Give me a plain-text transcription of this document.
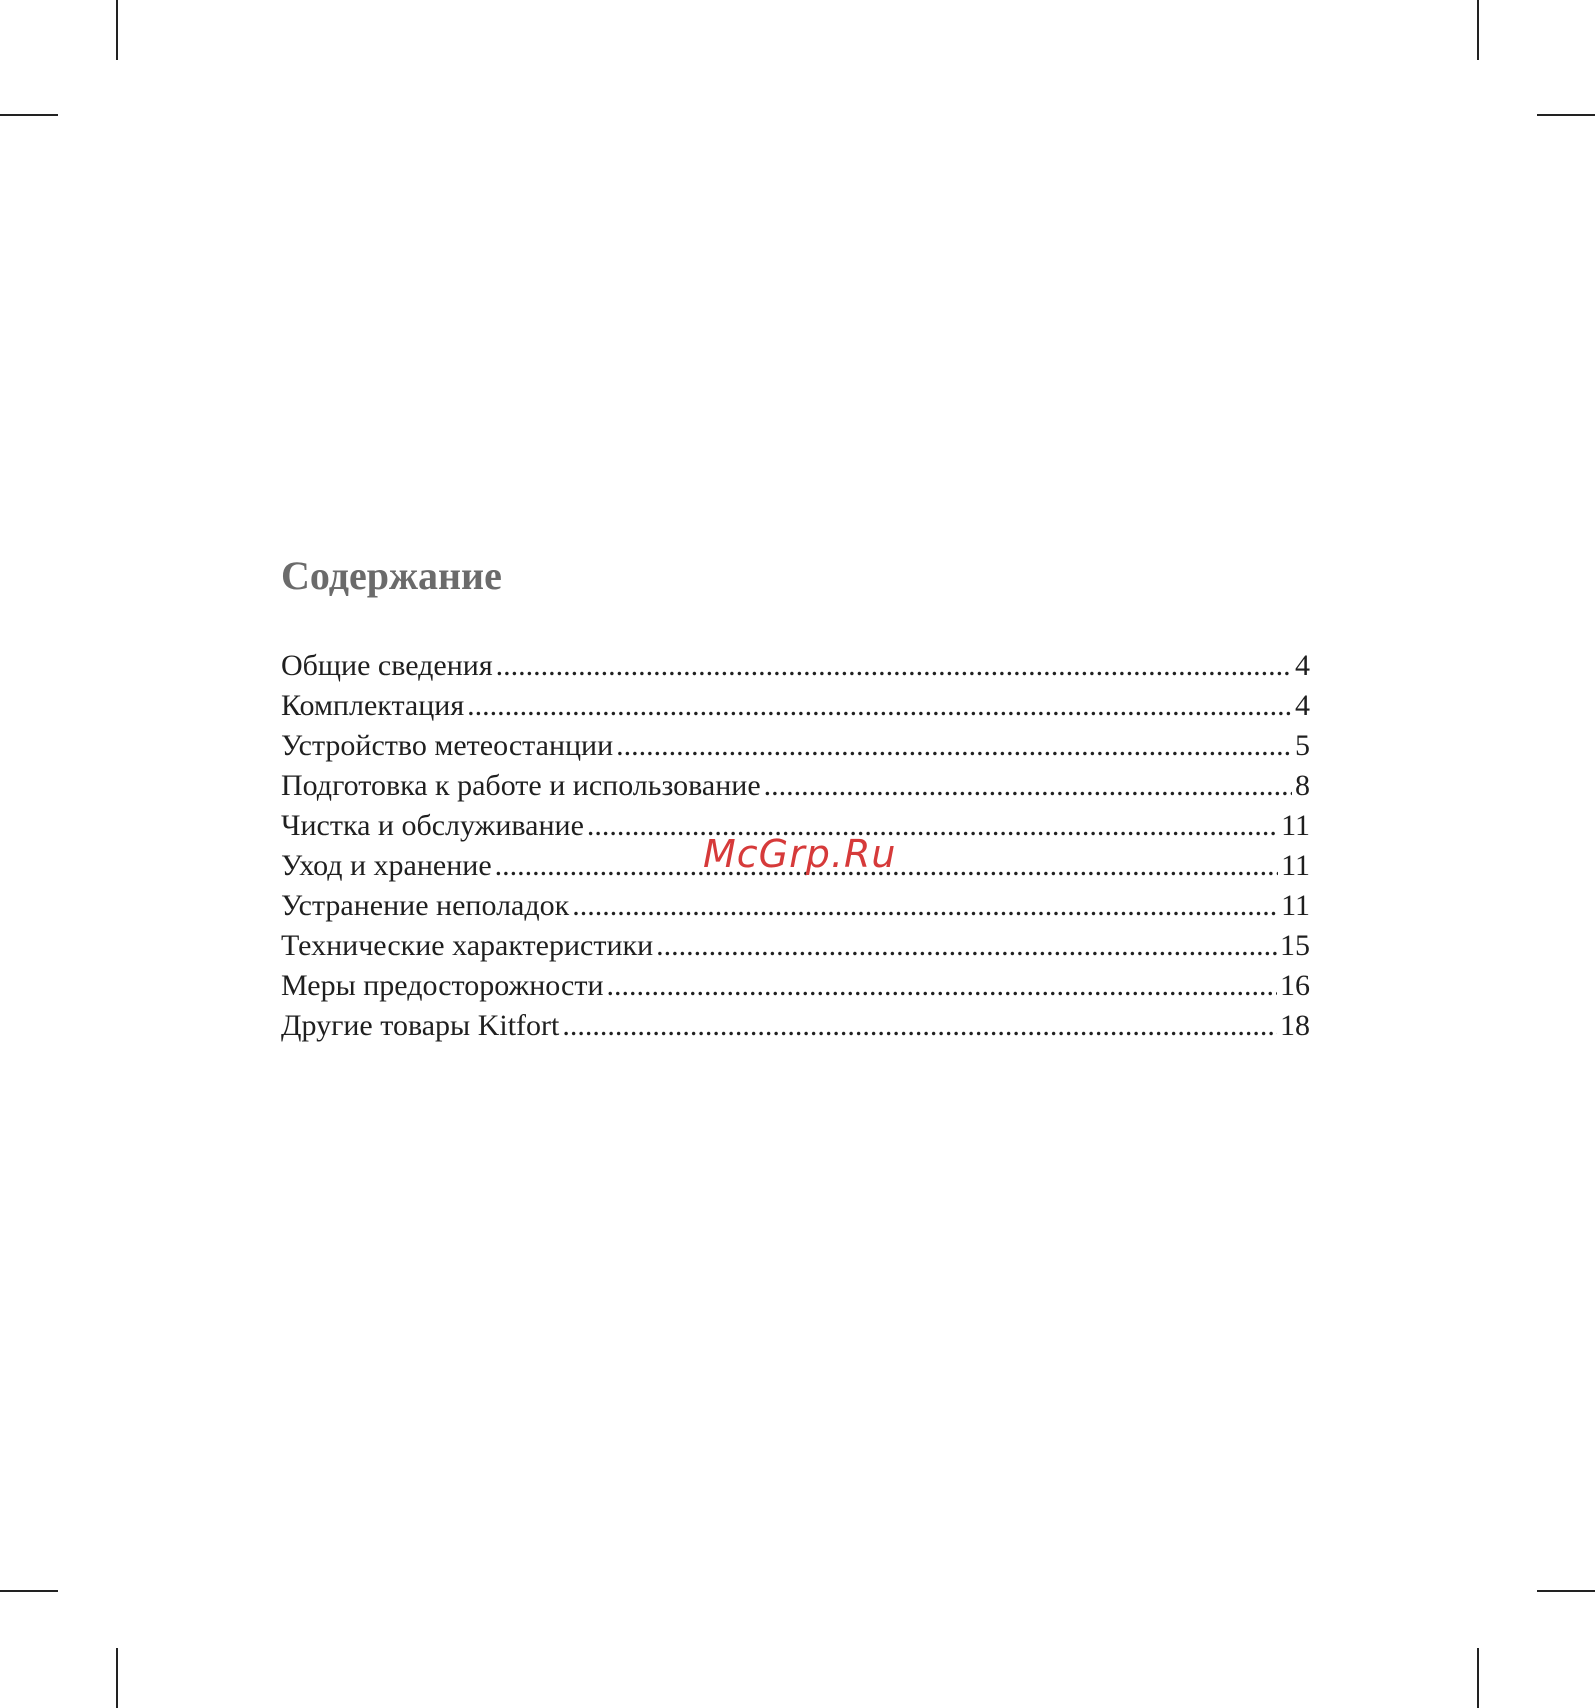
Содержание
Общие сведения .....	4
Комплектация .....	4
Устройство метеостанции .....	5
Подготовка к работе и использование .....	8
Чистка и обслуживание .....	11
Уход и хранение .....	11
Устранение неполадок .....	11
Технические характеристики .....	15
Меры предосторожности .....	16
Другие товары Kitfort .....	18
McGrp.Ru
